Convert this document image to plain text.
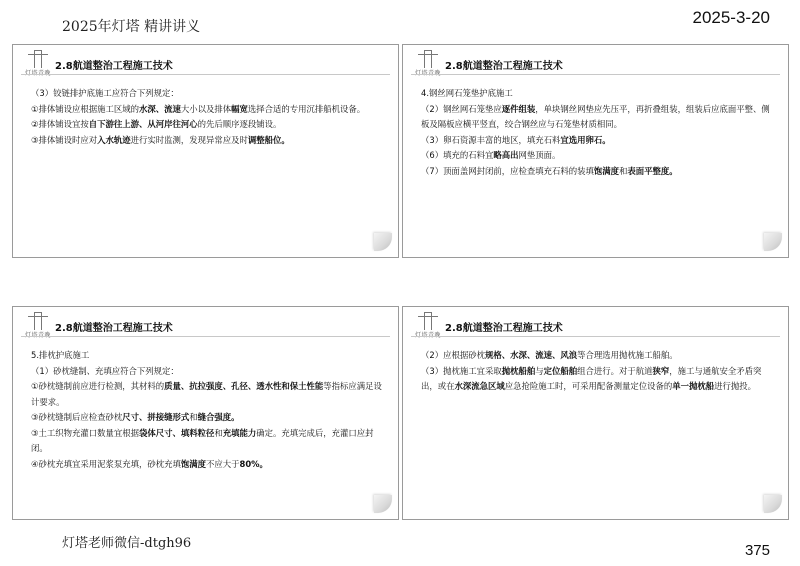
2025年灯塔 精讲讲义	2025-3-20
2.8航道整治工程施工技术

（3）铰链排护底施工应符合下列规定：

①排体铺设应根据施工区域的水深、流速大小以及排体幅宽选择合适的专用沉排船机设备。

②排体铺设宜按自下游往上游、从河岸往河心的先后顺序逐段铺设。

③排体铺设时应对入水轨迹进行实时监测，发现异常应及时调整船位。

2.8航道整治工程施工技术

4.钢丝网石笼垫护底施工

（2）钢丝网石笼垫应逐件组装，单块钢丝网垫应先压平，再折叠组装，组装后应底面平整、侧板及隔板应横平竖直，绞合钢丝应与石笼垫材质相同。

（3）卵石资源丰富的地区，填充石料宜选用卵石。

（6）填充的石料宜略高出网垫顶面。

（7）顶面盖网封闭前，应检查填充石料的装填饱满度和表面平整度。

2.8航道整治工程施工技术

5.排枕护底施工

（1）砂枕缝制、充填应符合下列规定：

①砂枕缝制前应进行检测，其材料的质量、抗拉强度、孔径、透水性和保土性能等指标应满足设计要求。

③砂枕缝制后应检查砂枕尺寸、拼接缝形式和缝合强度。

③土工织物充灌口数量宜根据袋体尺寸、填料粒径和充填能力确定。充填完成后，充灌口应封闭。

④砂枕充填宜采用泥浆泵充填，砂枕充填饱满度不应大于80%。

2.8航道整治工程施工技术

（2）应根据砂枕规格、水深、流速、风浪等合理选用抛枕施工船舶。

（3）抛枕施工宜采取抛枕船舶与定位船舶组合进行。对于航道狭窄，施工与通航安全矛盾突出，或在水深流急区域应急抢险施工时，可采用配备测量定位设备的单一抛枕船进行抛投。

灯塔老师微信-dtgh96	375
